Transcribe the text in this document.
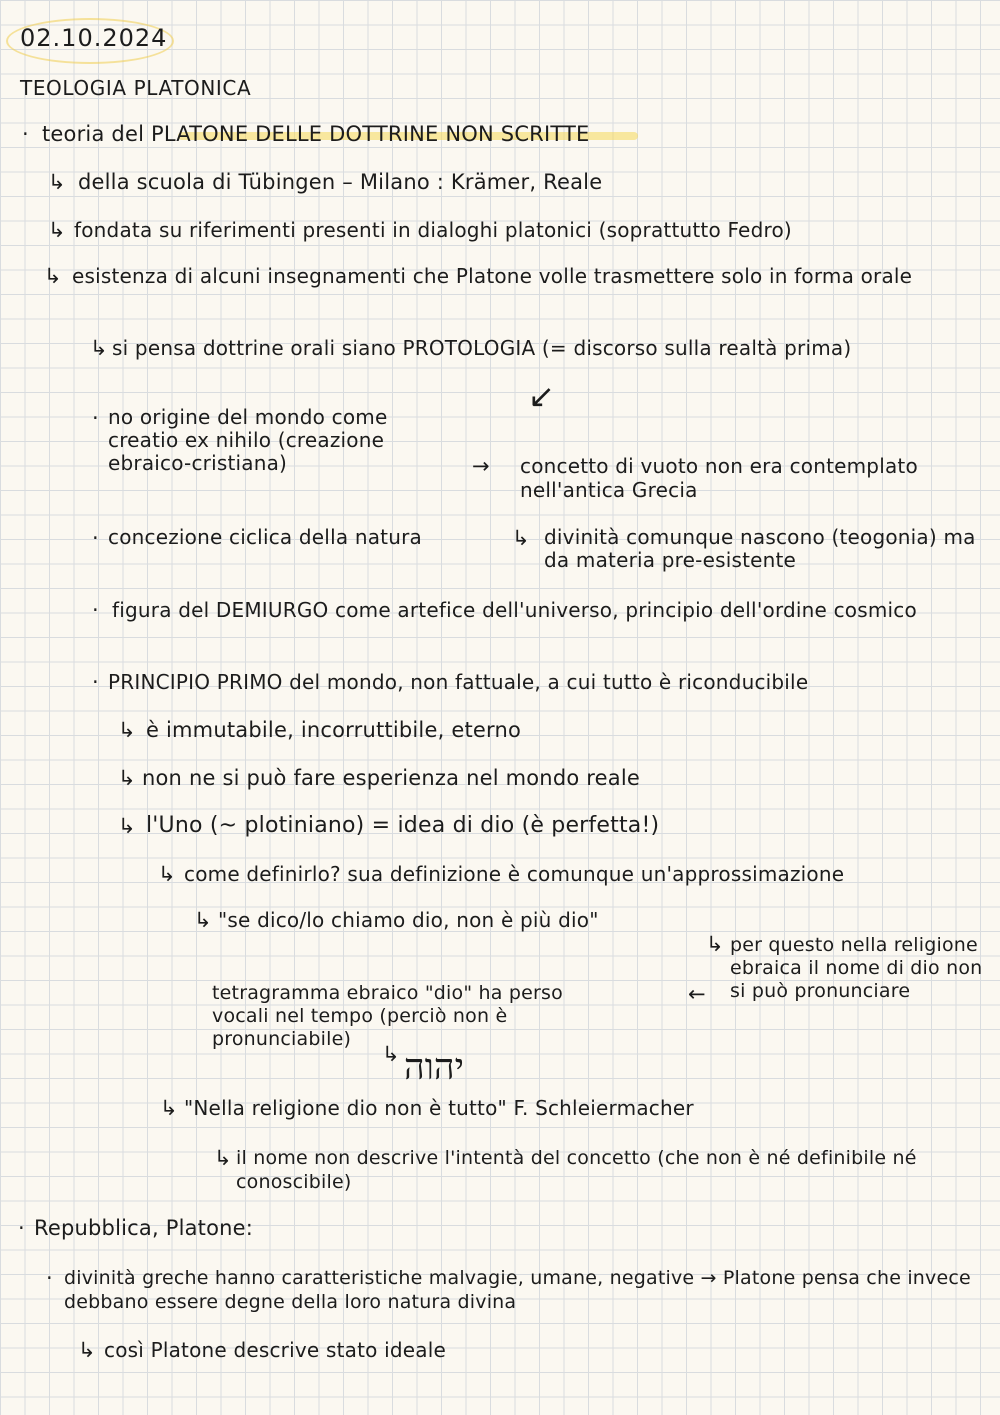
02.10.2024
TEOLOGIA PLATONICA
· teoria del PLATONE DELLE DOTTRINE NON SCRITTE
↳ della scuola di Tübingen – Milano : Krämer, Reale
↳ fondata su riferimenti presenti in dialoghi platonici (soprattutto Fedro)
↳ esistenza di alcuni insegnamenti che Platone volle trasmettere solo in forma orale
↳ si pensa dottrine orali siano PROTOLOGIA (= discorso sulla realtà prima)
↙
· no origine del mondo come creatio ex nihilo (creazione ebraico-cristiana)	→ concetto di vuoto non era contemplato nell'antica Grecia
· concezione ciclica della natura	↳ divinità comunque nascono (teogonia) ma da materia pre-esistente
· figura del DEMIURGO come artefice dell'universo, principio dell'ordine cosmico
· PRINCIPIO PRIMO del mondo, non fattuale, a cui tutto è riconducibile
↳ è immutabile, incorruttibile, eterno
↳ non ne si può fare esperienza nel mondo reale
↳ l'Uno (~ plotiniano) = idea di dio (è perfetta!)
↳ come definirlo? sua definizione è comunque un'approssimazione
↳ "se dico/lo chiamo dio, non è più dio"
↳ per questo nella religione ebraica il nome di dio non si può pronunciare
tetragramma ebraico "dio" ha perso vocali nel tempo (perciò non è pronunciabile)
←
↳ יהוה
↳ "Nella religione dio non è tutto" F. Schleiermacher
↳ il nome non descrive l'intentà del concetto (che non è né definibile né conoscibile)
· Repubblica, Platone:
· divinità greche hanno caratteristiche malvagie, umane, negative → Platone pensa che invece debbano essere degne della loro natura divina
↳ così Platone descrive stato ideale
